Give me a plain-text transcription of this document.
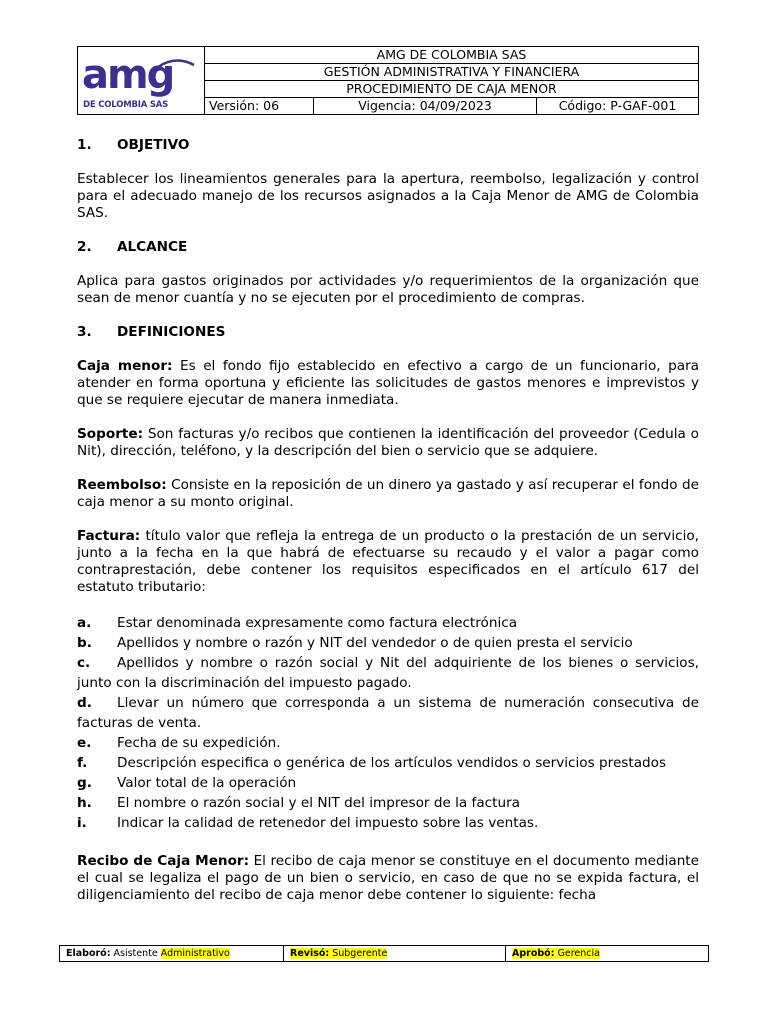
amg
DE COLOMBIA SAS	AMG DE COLOMBIA SAS		
	GESTIÓN ADMINISTRATIVA Y FINANCIERA		
	PROCEDIMIENTO DE CAJA MENOR		
	Versión: 06	Vigencia: 04/09/2023	Código: P-GAF-001
1. OBJETIVO

Establecer los lineamientos generales para la apertura, reembolso, legalización y control para el adecuado manejo de los recursos asignados a la Caja Menor de AMG de Colombia SAS.

2. ALCANCE

Aplica para gastos originados por actividades y/o requerimientos de la organización que sean de menor cuantía y no se ejecuten por el procedimiento de compras.

3. DEFINICIONES

Caja menor: Es el fondo fijo establecido en efectivo a cargo de un funcionario, para atender en forma oportuna y eficiente las solicitudes de gastos menores e imprevistos y que se requiere ejecutar de manera inmediata.

Soporte: Son facturas y/o recibos que contienen la identificación del proveedor (Cedula o Nit), dirección, teléfono, y la descripción del bien o servicio que se adquiere.

Reembolso: Consiste en la reposición de un dinero ya gastado y así recuperar el fondo de caja menor a su monto original.

Factura: título valor que refleja la entrega de un producto o la prestación de un servicio, junto a la fecha en la que habrá de efectuarse su recaudo y el valor a pagar como contraprestación, debe contener los requisitos especificados en el artículo 617 del estatuto tributario:

a.	Estar denominada expresamente como factura electrónica
b.	Apellidos y nombre o razón y NIT del vendedor o de quien presta el servicio
c. Apellidos y nombre o razón social y Nit del adquiriente de los bienes o servicios, junto con la discriminación del impuesto pagado.
d. Llevar un número que corresponda a un sistema de numeración consecutiva de facturas de venta.
e.	Fecha de su expedición.
f.	Descripción especifica o genérica de los artículos vendidos o servicios prestados
g.	Valor total de la operación
h.	El nombre o razón social y el NIT del impresor de la factura
i.	Indicar la calidad de retenedor del impuesto sobre las ventas.

Recibo de Caja Menor: El recibo de caja menor se constituye en el documento mediante el cual se legaliza el pago de un bien o servicio, en caso de que no se expida factura, el diligenciamiento del recibo de caja menor debe contener lo siguiente: fecha

Elaboró: Asistente Administrativo	Revisó: Subgerente	Aprobó: Gerencia
